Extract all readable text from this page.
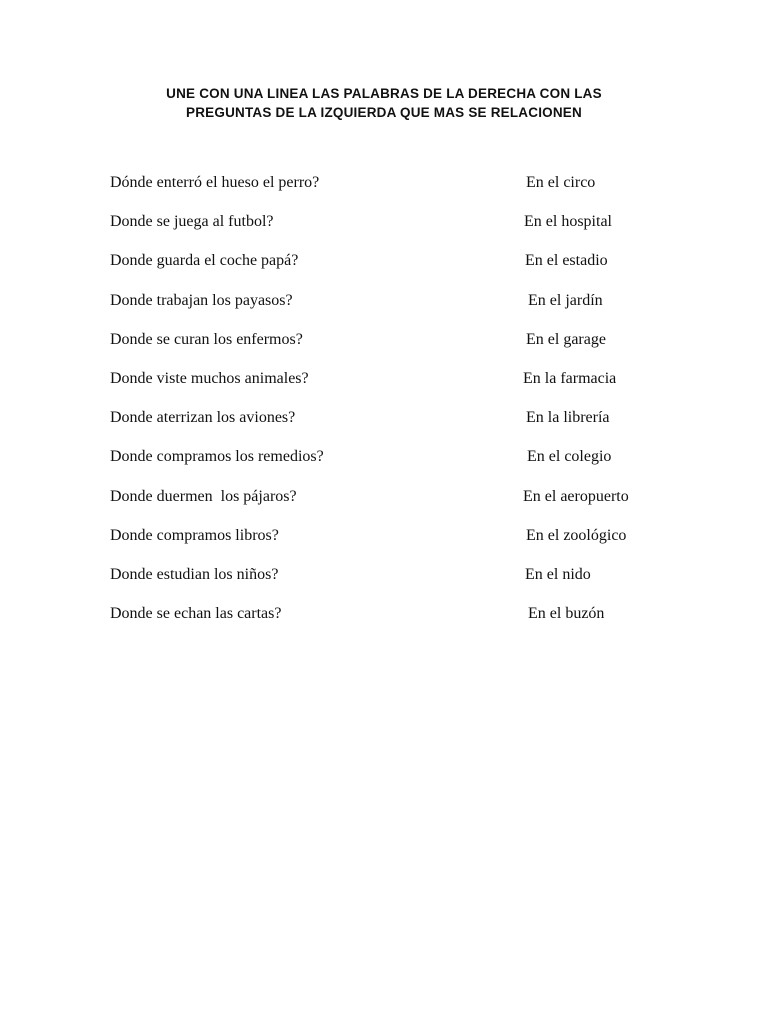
UNE CON UNA LINEA LAS PALABRAS DE LA DERECHA CON LAS
PREGUNTAS DE LA IZQUIERDA QUE MAS SE RELACIONEN
Dónde enterró el hueso el perro?	En el circo
Donde se juega al futbol?	En el hospital
Donde guarda el coche papá?	En el estadio
Donde trabajan los payasos?	En el jardín
Donde se curan los enfermos?	En el garage
Donde viste muchos animales?	En la farmacia
Donde aterrizan los aviones?	En la librería
Donde compramos los remedios?	En el colegio
Donde duermen  los pájaros?	En el aeropuerto
Donde compramos libros?	En el zoológico
Donde estudian los niños?	En el nido
Donde se echan las cartas?	En el buzón
